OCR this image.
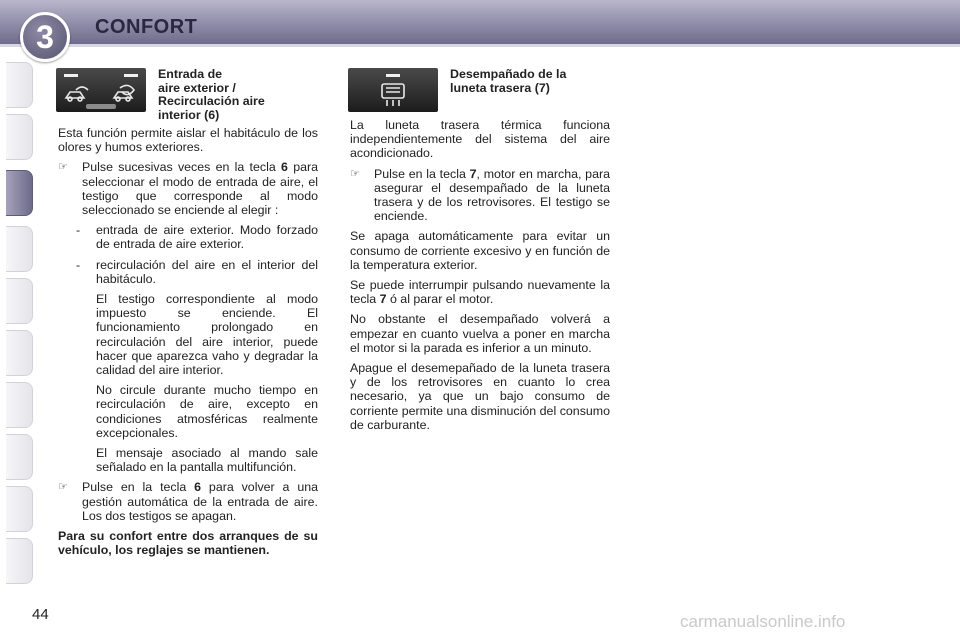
3	CONFORT
Entrada de
aire exterior /
Recirculación aire
interior (6)

Esta función permite aislar el habitáculo de los olores y humos exteriores.

☞ Pulse sucesivas veces en la tecla 6 para seleccionar el modo de entrada de aire, el testigo que corresponde al modo seleccionado se enciende al elegir :
- entrada de aire exterior. Modo forzado de entrada de aire exterior.
- recirculación del aire en el interior del habitáculo.
El testigo correspondiente al modo impuesto se enciende. El funcionamiento prolongado en recirculación del aire interior, puede hacer que aparezca vaho y degradar la calidad del aire interior.
No circule durante mucho tiempo en recirculación de aire, excepto en condiciones atmosféricas realmente excepcionales.
El mensaje asociado al mando sale señalado en la pantalla multifunción.
☞ Pulse en la tecla 6 para volver a una gestión automática de la entrada de aire. Los dos testigos se apagan.
Para su confort entre dos arranques de su vehículo, los reglajes se mantienen.
Desempañado de la
luneta trasera (7)

La luneta trasera térmica funciona independientemente del sistema del aire acondicionado.

☞ Pulse en la tecla 7, motor en marcha, para asegurar el desempañado de la luneta trasera y de los retrovisores. El testigo se enciende.

Se apaga automáticamente para evitar un consumo de corriente excesivo y en función de la temperatura exterior.

Se puede interrumpir pulsando nuevamente la tecla 7 ó al parar el motor.

No obstante el desempañado volverá a empezar en cuanto vuelva a poner en marcha el motor si la parada es inferior a un minuto.

Apague el desemepañado de la luneta trasera y de los retrovisores en cuanto lo crea necesario, ya que un bajo consumo de corriente permite una disminución del consumo de carburante.

44	carmanualsonline.info
